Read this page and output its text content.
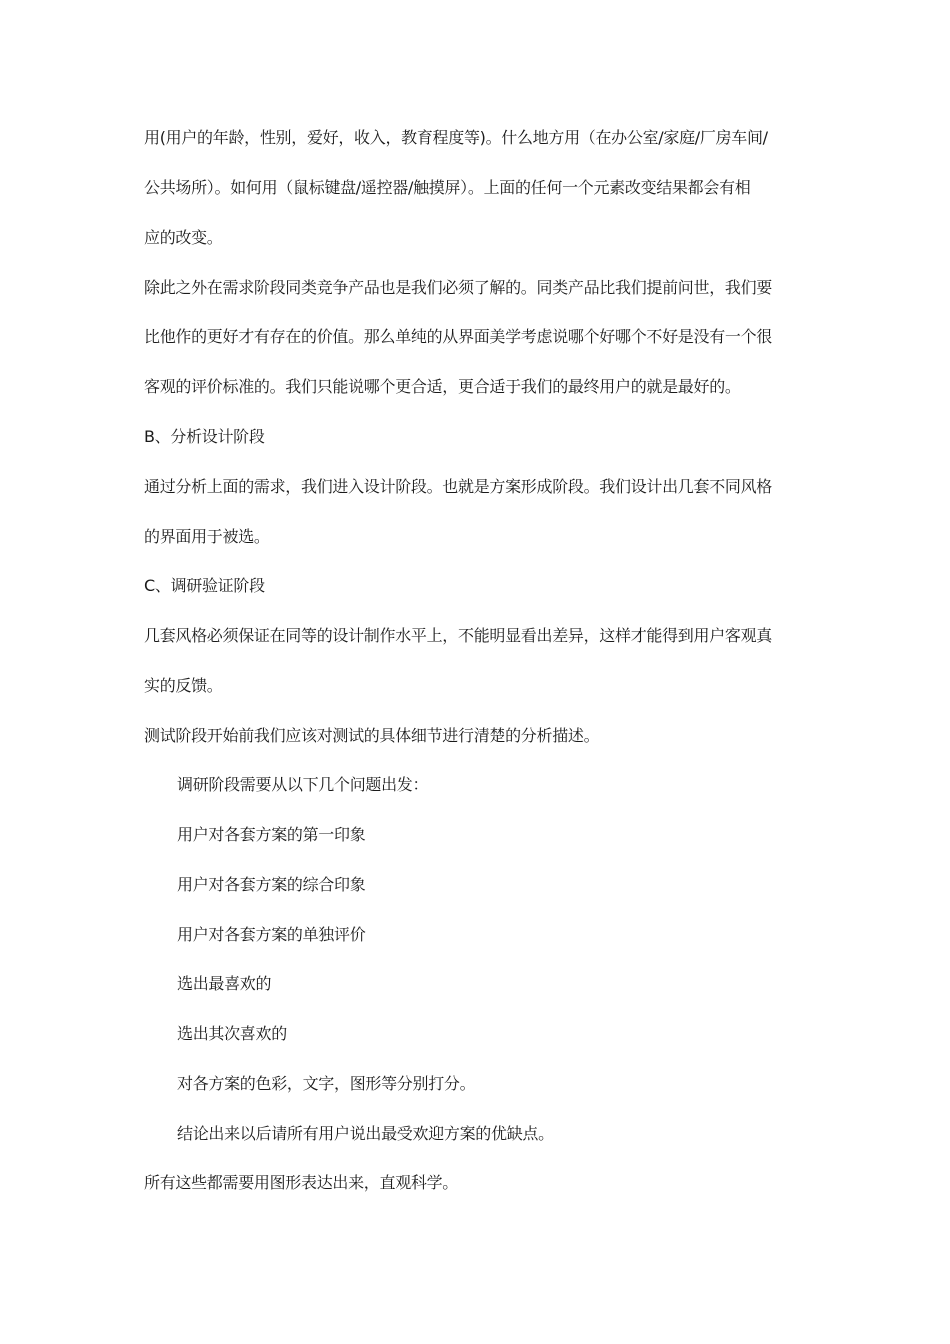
用(用户的年龄，性别，爱好，收入，教育程度等)。什么地方用（在办公室/家庭/厂房车间/
公共场所）。如何用（鼠标键盘/遥控器/触摸屏）。上面的任何一个元素改变结果都会有相
应的改变。
除此之外在需求阶段同类竞争产品也是我们必须了解的。同类产品比我们提前问世，我们要
比他作的更好才有存在的价值。那么单纯的从界面美学考虑说哪个好哪个不好是没有一个很
客观的评价标准的。我们只能说哪个更合适，更合适于我们的最终用户的就是最好的。
B、分析设计阶段
通过分析上面的需求，我们进入设计阶段。也就是方案形成阶段。我们设计出几套不同风格
的界面用于被选。
C、调研验证阶段
几套风格必须保证在同等的设计制作水平上，不能明显看出差异，这样才能得到用户客观真
实的反馈。
测试阶段开始前我们应该对测试的具体细节进行清楚的分析描述。
调研阶段需要从以下几个问题出发：
用户对各套方案的第一印象
用户对各套方案的综合印象
用户对各套方案的单独评价
选出最喜欢的
选出其次喜欢的
对各方案的色彩，文字，图形等分别打分。
结论出来以后请所有用户说出最受欢迎方案的优缺点。
所有这些都需要用图形表达出来，直观科学。
